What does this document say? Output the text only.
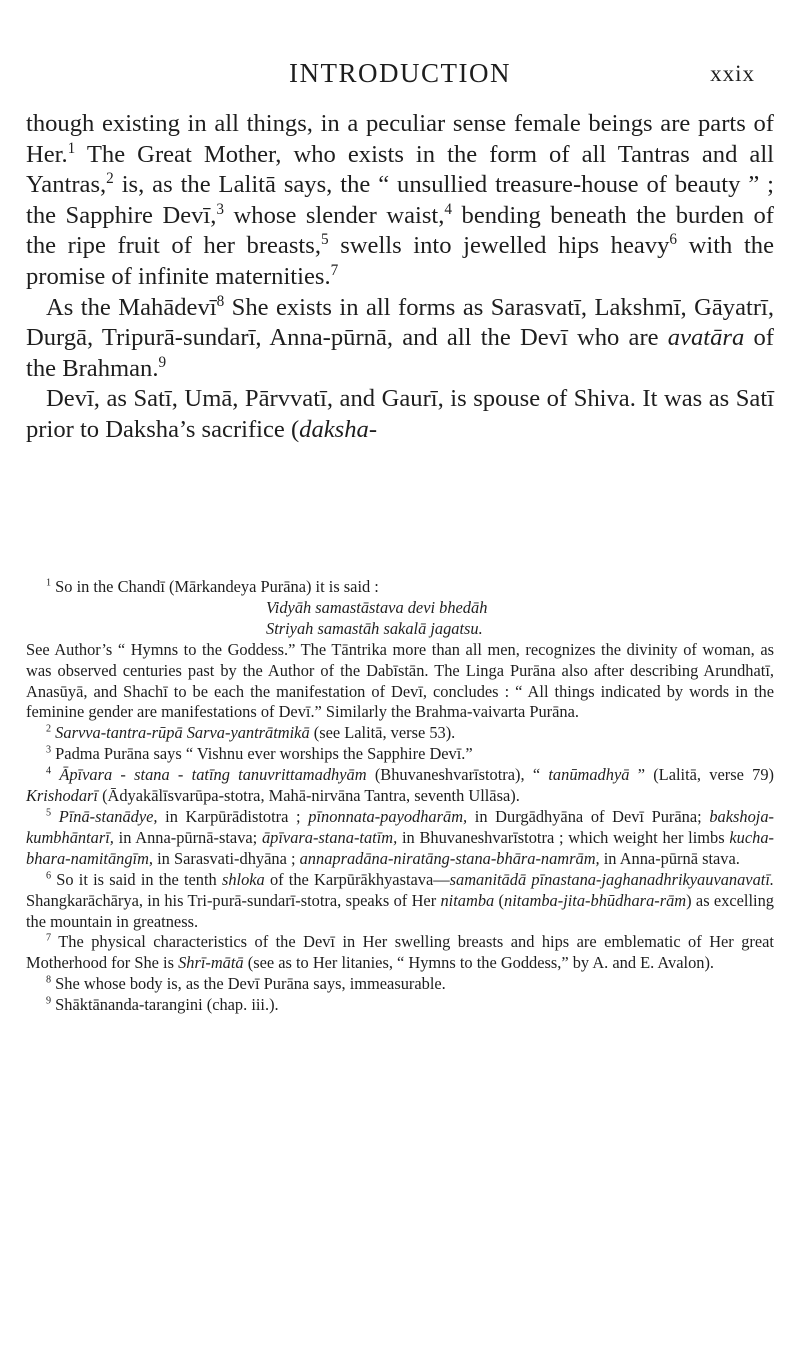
INTRODUCTION	xxix

though existing in all things, in a peculiar sense female beings are parts of Her.$^1$ The Great Mother, who exists in the form of all Tantras and all Yantras,$^2$ is, as the Lalitā says, the “ unsullied treasure-house of beauty ” ; the Sapphire Devī,$^3$ whose slender waist,$^4$ bending beneath the burden of the ripe fruit of her breasts,$^5$ swells into jewelled hips heavy$^6$ with the promise of infinite maternities.$^7$

As the Mahādevī$^8$ She exists in all forms as Sarasvatī, Lakshmī, Gāyatrī, Durgā, Tripurā-sundarī, Anna-pūrnā, and all the Devī who are avatāra of the Brahman.$^9$

Devī, as Satī, Umā, Pārvvatī, and Gaurī, is spouse of Shiva. It was as Satī prior to Daksha’s sacrifice (daksha-

$^1$ So in the Chandī (Mārkandeya Purāna) it is said :

Vidyāh samastāstava devi bhedāh

Striyah samastāh sakalā jagatsu.

See Author’s “ Hymns to the Goddess.” The Tāntrika more than all men, recognizes the divinity of woman, as was observed centuries past by the Author of the Dabīstān. The Linga Purāna also after describing Arundhatī, Anasūyā, and Shachī to be each the manifestation of Devī, concludes : “ All things indicated by words in the feminine gender are manifestations of Devī.” Similarly the Brahma-vaivarta Purāna.

$^2$ Sarvva-tantra-rūpā Sarva-yantrātmikā (see Lalitā, verse 53).

$^3$ Padma Purāna says “ Vishnu ever worships the Sapphire Devī.”

$^4$ Āpīvara - stana - tatīng tanuvrittamadhyām (Bhuvaneshvarīstotra), “ tanūmadhyā ” (Lalitā, verse 79) Krishodarī (Ādyakālīsvarūpa-stotra, Mahā-nirvāna Tantra, seventh Ullāsa).

$^5$ Pīnā-stanādye, in Karpūrādistotra ; pīnonnata-payodharām, in Durgādhyāna of Devī Purāna; bakshoja-kumbhāntarī, in Anna-pūrnā-stava; āpīvara-stana-tatīm, in Bhuvaneshvarīstotra ; which weight her limbs kucha-bhara-namitāngīm, in Sarasvati-dhyāna ; annapradāna-niratāng-stana-bhāra-namrām, in Anna-pūrnā stava.

$^6$ So it is said in the tenth shloka of the Karpūrākhyastava—samanitādā pīnastana-jaghanadhrikyauvanavatī. Shangkarāchārya, in his Tri-purā-sundarī-stotra, speaks of Her nitamba (nitamba-jita-bhūdhara-rām) as excelling the mountain in greatness.

$^7$ The physical characteristics of the Devī in Her swelling breasts and hips are emblematic of Her great Motherhood for She is Shrī-mātā (see as to Her litanies, “ Hymns to the Goddess,” by A. and E. Avalon).

$^8$ She whose body is, as the Devī Purāna says, immeasurable.

$^9$ Shāktānanda-tarangini (chap. iii.).
